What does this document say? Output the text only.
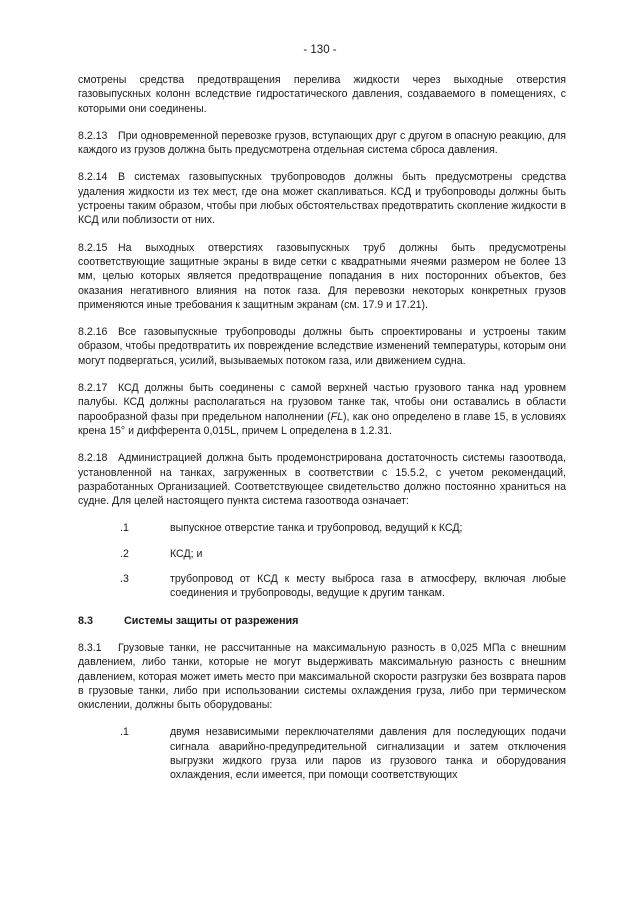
- 130 -

смотрены средства предотвращения перелива жидкости через выходные отверстия газовыпускных колонн вследствие гидростатического давления, создаваемого в помещениях, с которыми они соединены.

8.2.13 При одновременной перевозке грузов, вступающих друг с другом в опасную реакцию, для каждого из грузов должна быть предусмотрена отдельная система сброса давления.

8.2.14 В системах газовыпускных трубопроводов должны быть предусмотрены средства удаления жидкости из тех мест, где она может скапливаться. КСД и трубопроводы должны быть устроены таким образом, чтобы при любых обстоятельствах предотвратить скопление жидкости в КСД или поблизости от них.

8.2.15 На выходных отверстиях газовыпускных труб должны быть предусмотрены соответствующие защитные экраны в виде сетки с квадратными ячеями размером не более 13 мм, целью которых является предотвращение попадания в них посторонних объектов, без оказания негативного влияния на поток газа. Для перевозки некоторых конкретных грузов применяются иные требования к защитным экранам (см. 17.9 и 17.21).

8.2.16 Все газовыпускные трубопроводы должны быть спроектированы и устроены таким образом, чтобы предотвратить их повреждение вследствие изменений температуры, которым они могут подвергаться, усилий, вызываемых потоком газа, или движением судна.

8.2.17 КСД должны быть соединены с самой верхней частью грузового танка над уровнем палубы. КСД должны располагаться на грузовом танке так, чтобы они оставались в области парообразной фазы при предельном наполнении (FL), как оно определено в главе 15, в условиях крена 15° и дифферента 0,015L, причем L определена в 1.2.31.

8.2.18 Администрацией должна быть продемонстрирована достаточность системы газоотвода, установленной на танках, загруженных в соответствии с 15.5.2, с учетом рекомендаций, разработанных Организацией. Соответствующее свидетельство должно постоянно храниться на судне. Для целей настоящего пункта система газоотвода означает:

.1	выпускное отверстие танка и трубопровод, ведущий к КСД;
.2	КСД; и
.3	трубопровод от КСД к месту выброса газа в атмосферу, включая любые соединения и трубопроводы, ведущие к другим танкам.
8.3	Системы защиты от разрежения

8.3.1 Грузовые танки, не рассчитанные на максимальную разность в 0,025 МПа с внешним давлением, либо танки, которые не могут выдерживать максимальную разность с внешним давлением, которая может иметь место при максимальной скорости разгрузки без возврата паров в грузовые танки, либо при использовании системы охлаждения груза, либо при термическом окислении, должны быть оборудованы:

.1	двумя независимыми переключателями давления для последующих подачи сигнала аварийно-предупредительной сигнализации и затем отключения выгрузки жидкого груза или паров из грузового танка и оборудования охлаждения, если имеется, при помощи соответствующих
